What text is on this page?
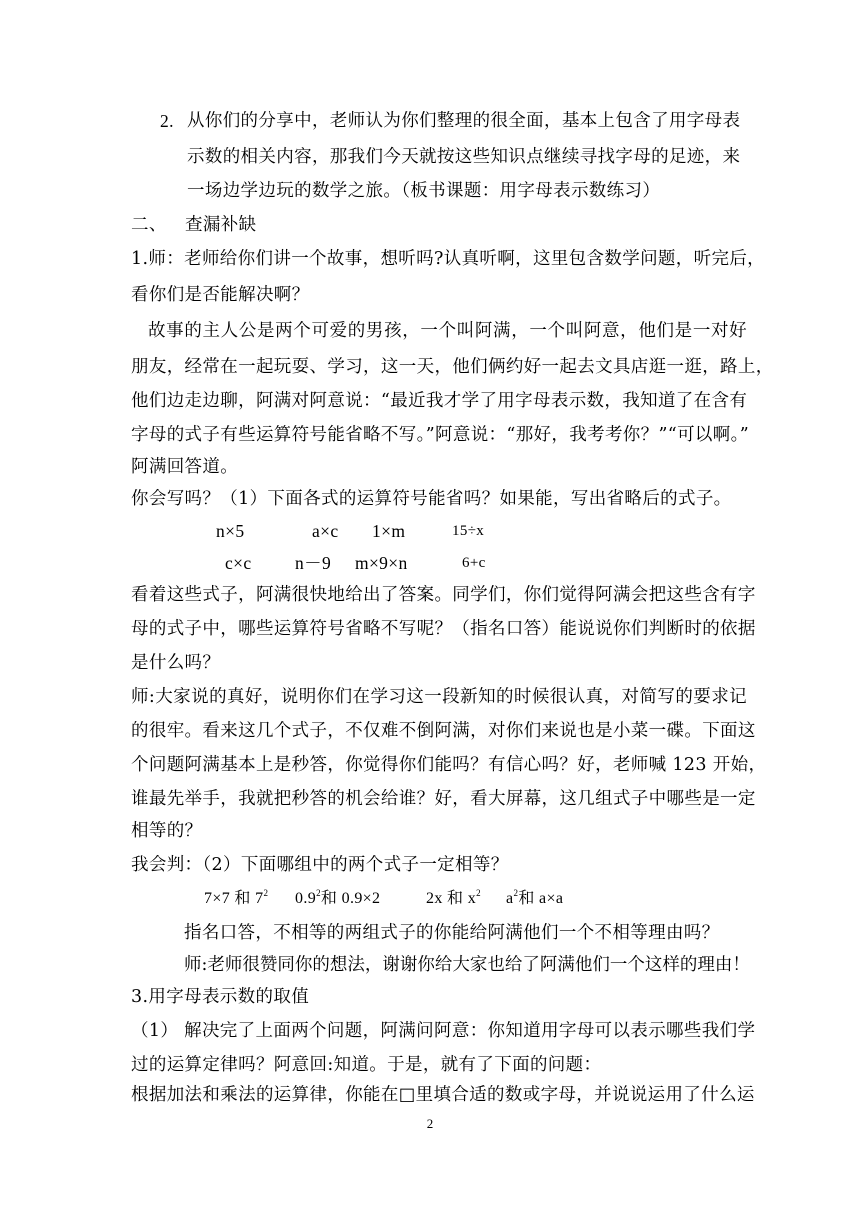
2. 从你们的分享中，老师认为你们整理的很全面，基本上包含了用字母表
示数的相关内容，那我们今天就按这些知识点继续寻找字母的足迹，来
一场边学边玩的数学之旅。（板书课题：用字母表示数练习）
二、 查漏补缺
1.师：老师给你们讲一个故事，想听吗?认真听啊，这里包含数学问题，听完后，
看你们是否能解决啊？
故事的主人公是两个可爱的男孩，一个叫阿满，一个叫阿意，他们是一对好
朋友，经常在一起玩耍、学习，这一天，他们俩约好一起去文具店逛一逛，路上，
他们边走边聊，阿满对阿意说：“最近我才学了用字母表示数，我知道了在含有
字母的式子有些运算符号能省略不写。”阿意说：“那好，我考考你？”“可以啊。”
阿满回答道。
你会写吗？（1）下面各式的运算符号能省吗？如果能，写出省略后的式子。
n×5	a×c 1×m	15÷x
c×c n－9 m×9×n	6+c
看着这些式子，阿满很快地给出了答案。同学们，你们觉得阿满会把这些含有字
母的式子中，哪些运算符号省略不写呢？（指名口答）能说说你们判断时的依据
是什么吗？
师:大家说的真好，说明你们在学习这一段新知的时候很认真，对简写的要求记
的很牢。看来这几个式子，不仅难不倒阿满，对你们来说也是小菜一碟。下面这
个问题阿满基本上是秒答，你觉得你们能吗？有信心吗？好，老师喊 123 开始，
谁最先举手，我就把秒答的机会给谁？好，看大屏幕，这几组式子中哪些是一定
相等的？
我会判：（2）下面哪组中的两个式子一定相等？
7×7 和 $7^2$ $0.9^2$和 0.9×2	2x 和 $x^2$ $a^2$和 a×a
指名口答，不相等的两组式子的你能给阿满他们一个不相等理由吗？
师:老师很赞同你的想法，谢谢你给大家也给了阿满他们一个这样的理由！
3.用字母表示数的取值
（1） 解决完了上面两个问题，阿满问阿意：你知道用字母可以表示哪些我们学
过的运算定律吗？阿意回:知道。于是，就有了下面的问题：
根据加法和乘法的运算律，你能在□里填合适的数或字母，并说说运用了什么运
2
